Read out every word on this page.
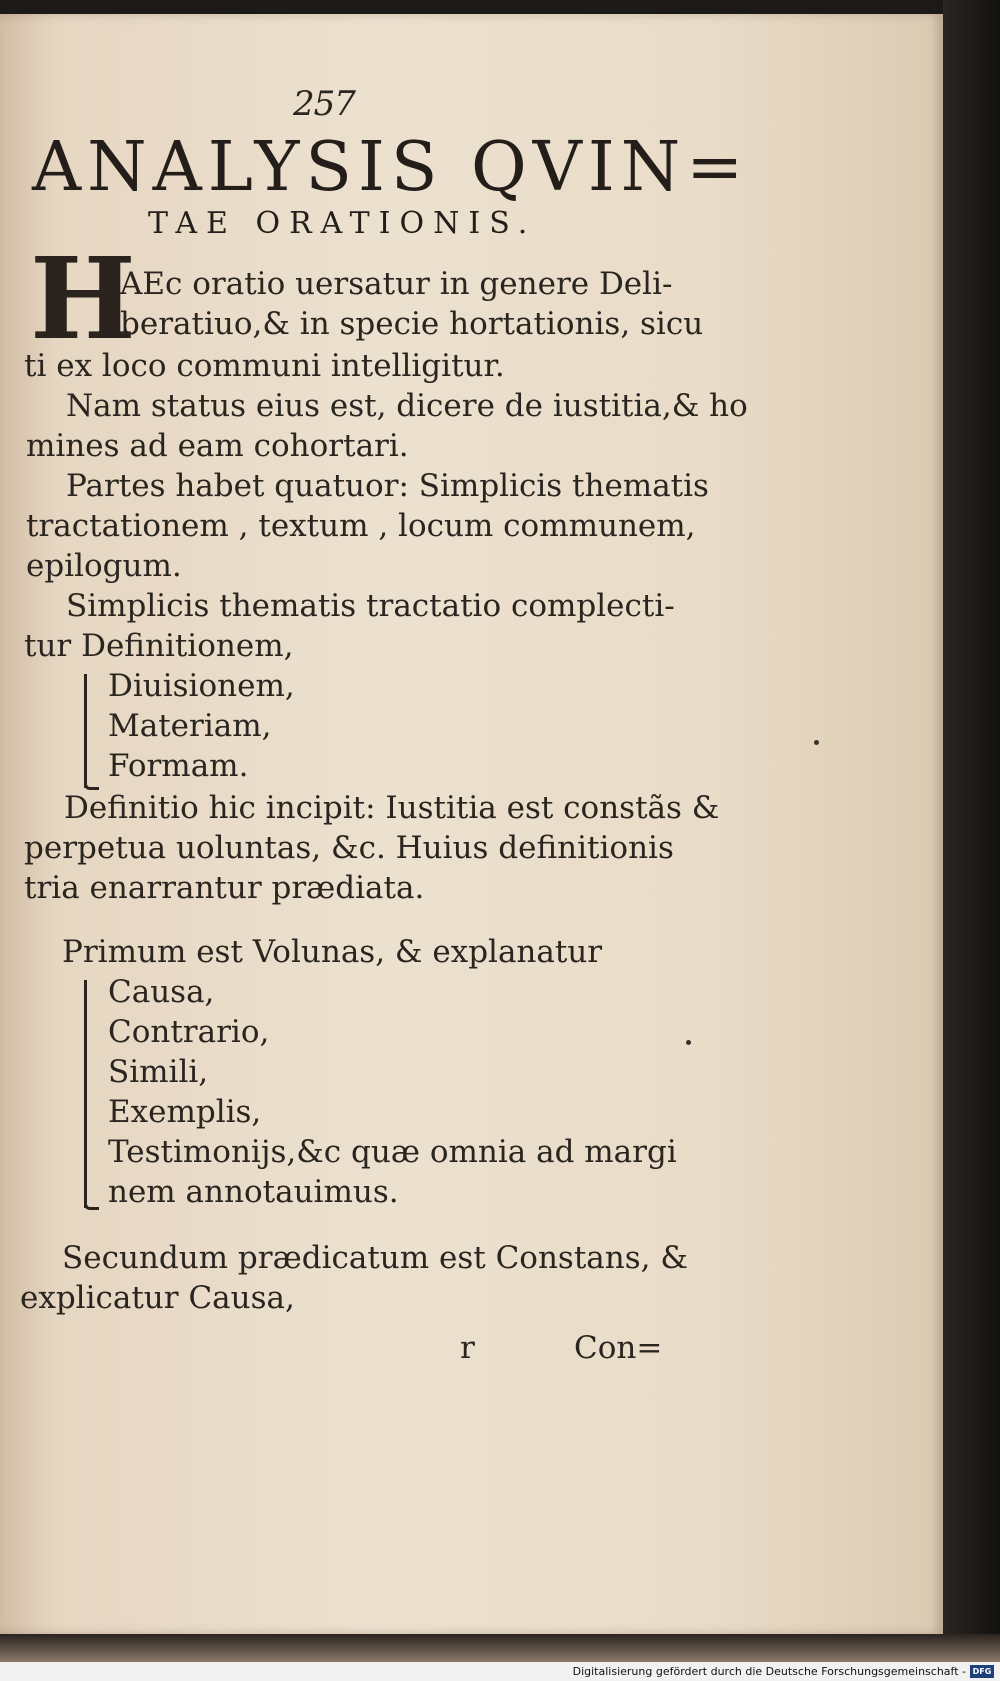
257
ANALYSIS QVIN=
TAE ORATIONIS.
H
AEc oratio uersatur in genere Deli-
beratiuo,& in specie hortationis, sicu
ti ex loco communi intelligitur.
Nam status eius est, dicere de iustitia,& ho
mines ad eam cohortari.
Partes habet quatuor: Simplicis thematis
tractationem , textum , locum communem,
epilogum.
Simplicis thematis tractatio complecti-
tur Definitionem,
Diuisionem,
Materiam,
Formam.
Definitio hic incipit: Iustitia est constãs &
perpetua uoluntas, &c. Huius definitionis
tria enarrantur prædiata.
Primum est Volunas, & explanatur
Causa,
Contrario,
Simili,
Exemplis,
Testimonijs,&c quæ omnia ad margi
nem annotauimus.
Secundum prædicatum est Constans, &
explicatur Causa,
r	Con=
Digitalisierung gefördert durch die Deutsche Forschungsgemeinschaft - DFG
